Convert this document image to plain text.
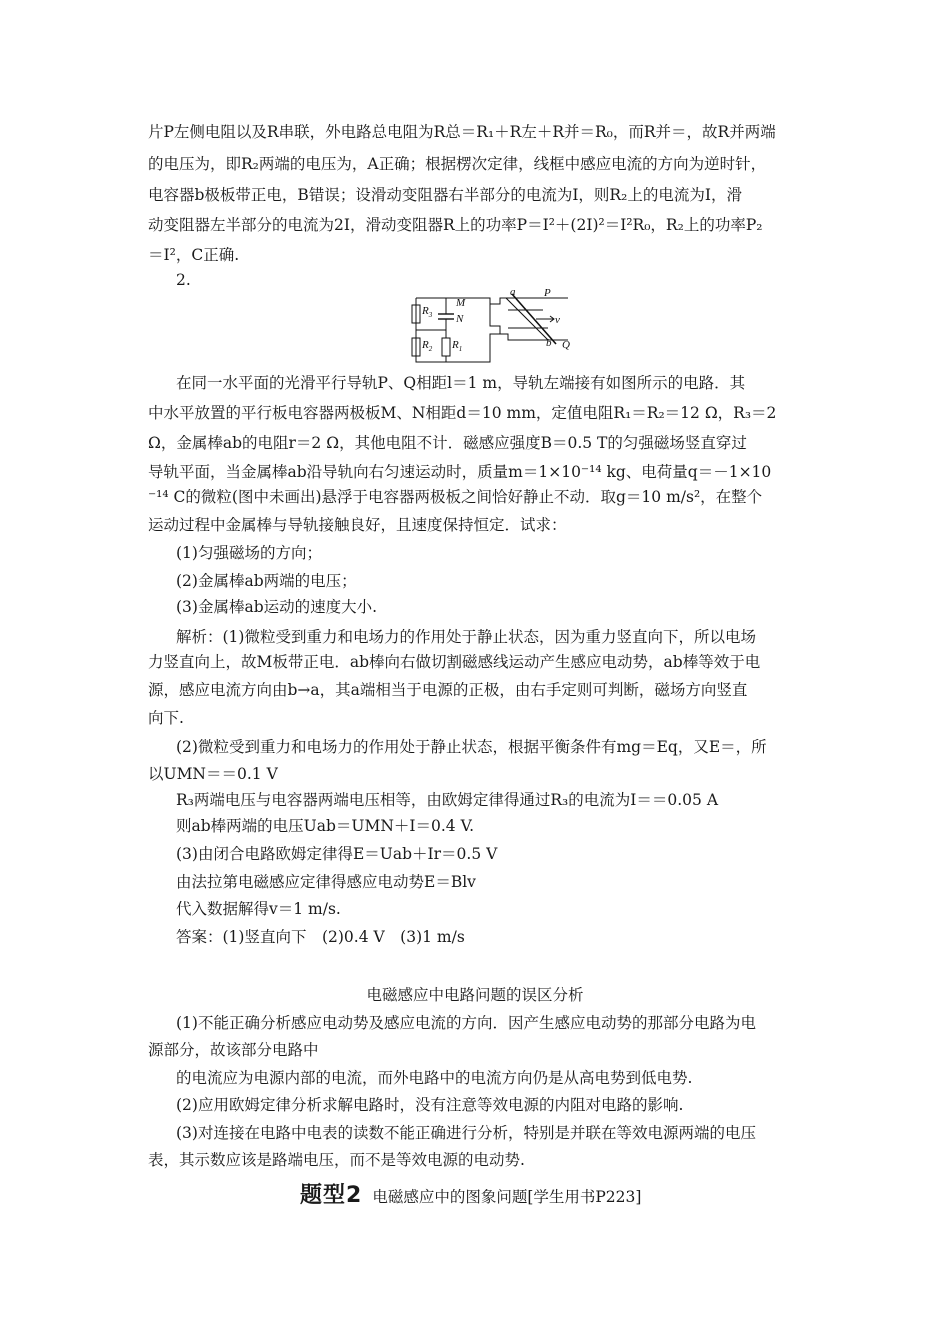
片P左侧电阻以及R串联，外电路总电阻为R总＝R₁＋R左＋R并＝R₀，而R并＝，故R并两端
的电压为，即R₂两端的电压为，A正确；根据楞次定律，线框中感应电流的方向为逆时针，
电容器b极板带正电，B错误；设滑动变阻器右半部分的电流为I，则R₂上的电流为I，滑
动变阻器左半部分的电流为2I，滑动变阻器R上的功率P＝I²＋(2I)²＝I²R₀，R₂上的功率P₂
＝I²，C正确.
2.
$R_3$
$R_2$ $R_1$
M
N
a	P
v
b Q
在同一水平面的光滑平行导轨P、Q相距l＝1 m，导轨左端接有如图所示的电路．其
中水平放置的平行板电容器两极板M、N相距d＝10 mm，定值电阻R₁＝R₂＝12 Ω，R₃＝2
Ω，金属棒ab的电阻r＝2 Ω，其他电阻不计．磁感应强度B＝0.5 T的匀强磁场竖直穿过
导轨平面，当金属棒ab沿导轨向右匀速运动时，质量m＝1×10⁻¹⁴ kg、电荷量q＝－1×10
⁻¹⁴ C的微粒(图中未画出)悬浮于电容器两极板之间恰好静止不动．取g＝10 m/s²，在整个
运动过程中金属棒与导轨接触良好，且速度保持恒定．试求：
(1)匀强磁场的方向；
(2)金属棒ab两端的电压；
(3)金属棒ab运动的速度大小.
解析：(1)微粒受到重力和电场力的作用处于静止状态，因为重力竖直向下，所以电场
力竖直向上，故M板带正电．ab棒向右做切割磁感线运动产生感应电动势，ab棒等效于电
源，感应电流方向由b→a，其a端相当于电源的正极，由右手定则可判断，磁场方向竖直
向下.
(2)微粒受到重力和电场力的作用处于静止状态，根据平衡条件有mg＝Eq，又E＝，所
以UMN＝＝0.1 V
R₃两端电压与电容器两端电压相等，由欧姆定律得通过R₃的电流为I＝＝0.05 A
则ab棒两端的电压Uab＝UMN＋I＝0.4 V.
(3)由闭合电路欧姆定律得E＝Uab＋Ir＝0.5 V
由法拉第电磁感应定律得感应电动势E＝Blv
代入数据解得v＝1 m/s.
答案：(1)竖直向下　(2)0.4 V　(3)1 m/s
电磁感应中电路问题的误区分析
(1)不能正确分析感应电动势及感应电流的方向．因产生感应电动势的那部分电路为电
源部分，故该部分电路中
的电流应为电源内部的电流，而外电路中的电流方向仍是从高电势到低电势.
(2)应用欧姆定律分析求解电路时，没有注意等效电源的内阻对电路的影响.
(3)对连接在电路中电表的读数不能正确进行分析，特别是并联在等效电源两端的电压
表，其示数应该是路端电压，而不是等效电源的电动势.
题型2 电磁感应中的图象问题[学生用书P223]
